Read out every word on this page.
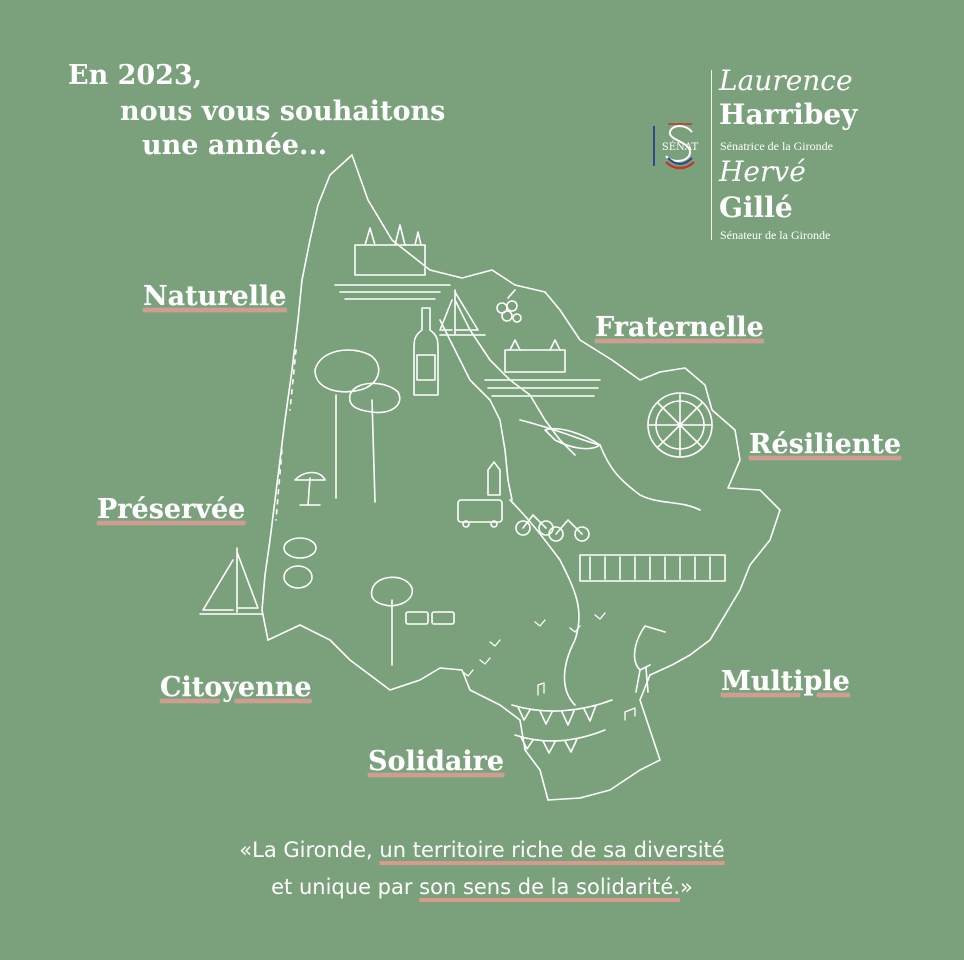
En 2023,
nous vous souhaitons
une année...
Naturelle
Fraternelle
Résiliente
Préservée
Citoyenne	Multiple
Solidaire
SÉNAT
Laurence
Harribey
Sénatrice de la Gironde
Hervé
Gillé
Sénateur de la Gironde
«La Gironde, un territoire riche de sa diversité
et unique par son sens de la solidarité.»
